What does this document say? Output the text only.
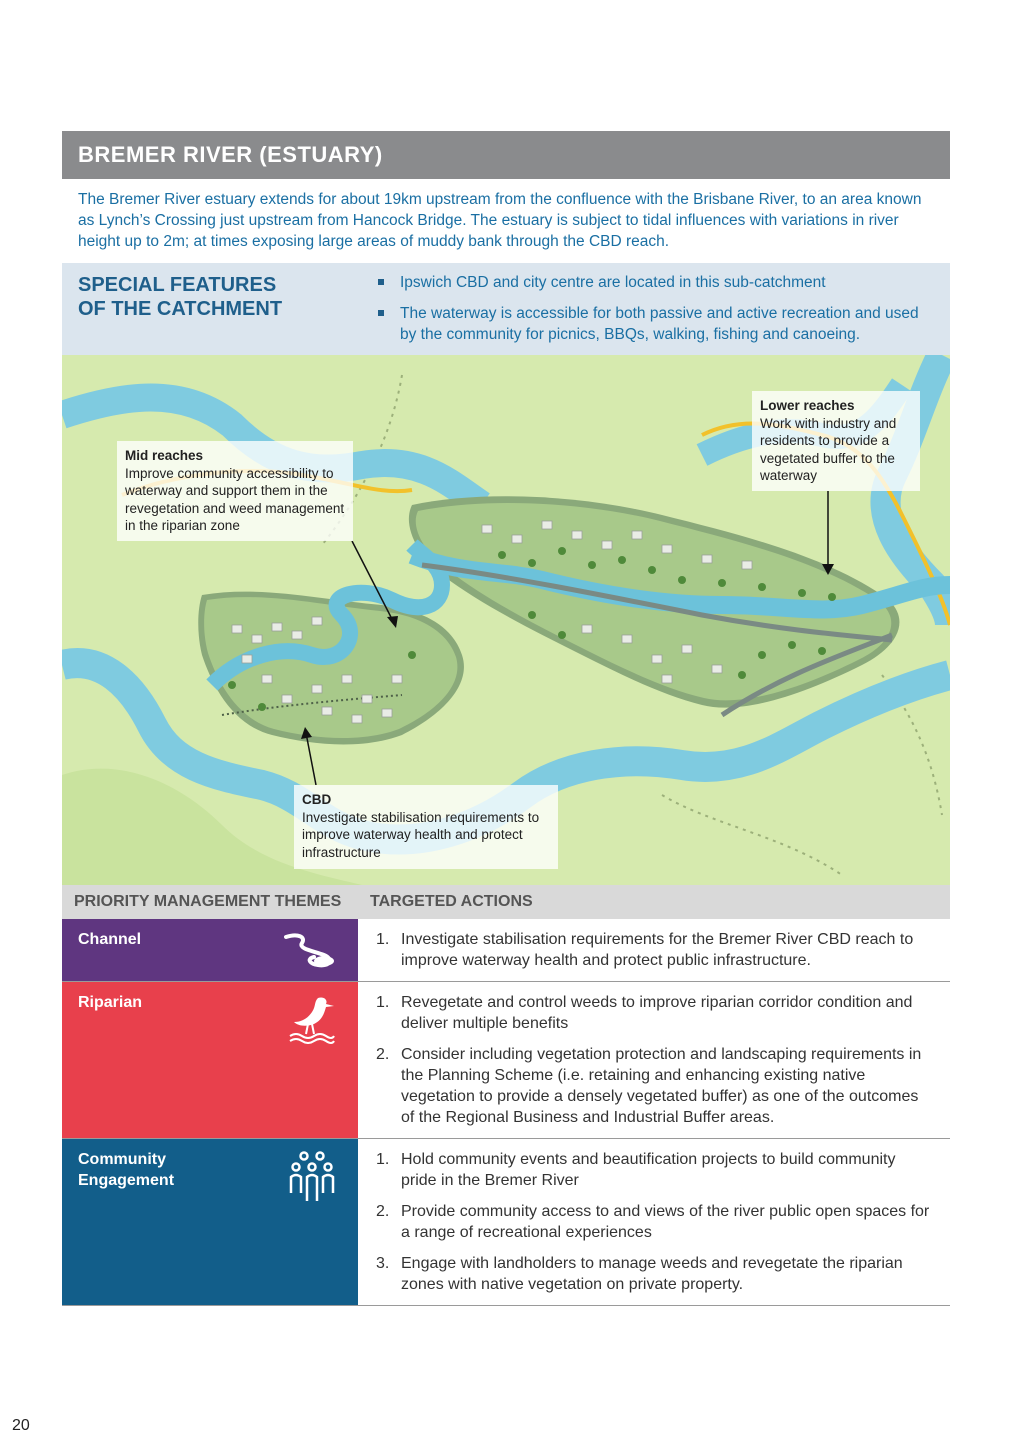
BREMER RIVER (ESTUARY)
The Bremer River estuary extends for about 19km upstream from the confluence with the Brisbane River, to an area known as Lynch’s Crossing just upstream from Hancock Bridge. The estuary is subject to tidal influences with variations in river height up to 2m; at times exposing large areas of muddy bank through the CBD reach.
SPECIAL FEATURES
OF THE CATCHMENT
Ipswich CBD and city centre are located in this sub-catchment
The waterway is accessible for both passive and active recreation and used by the community for picnics, BBQs, walking, fishing and canoeing.
Mid reaches
Improve community accessibility to waterway and support them in the revegetation and weed management in the riparian zone
Lower reaches
Work with industry and residents to provide a vegetated buffer to the waterway
CBD
Investigate stabilisation requirements to improve waterway health and protect infrastructure
PRIORITY MANAGEMENT THEMES	TARGETED ACTIONS
Channel	1. Investigate stabilisation requirements for the Bremer River CBD reach to improve waterway health and protect public infrastructure.
Riparian	1. Revegetate and control weeds to improve riparian corridor condition and deliver multiple benefits
2. Consider including vegetation protection and landscaping requirements in the Planning Scheme (i.e. retaining and enhancing existing native vegetation to provide a densely vegetated buffer) as one of the outcomes of the Regional Business and Industrial Buffer areas.
Community
Engagement
1. Hold community events and beautification projects to build community pride in the Bremer River
2. Provide community access to and views of the river public open spaces for a range of recreational experiences
3. Engage with landholders to manage weeds and revegetate the riparian zones with native vegetation on private property.
20
